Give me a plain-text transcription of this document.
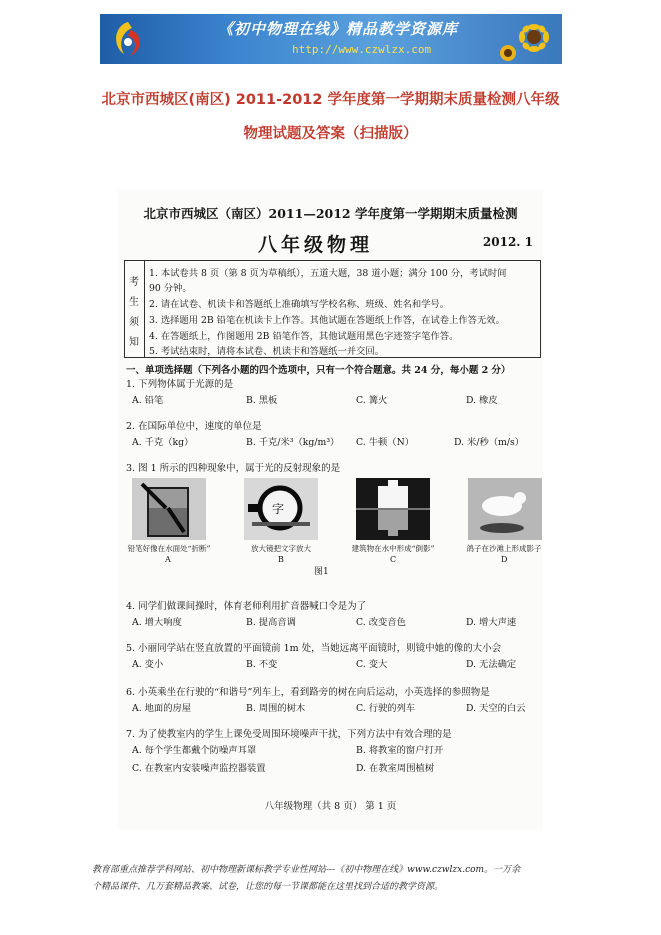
《初中物理在线》精品教学资源库
http://www.czwlzx.com
北京市西城区(南区) 2011-2012 学年度第一学期期末质量检测八年级
物理试题及答案（扫描版）
北京市西城区（南区）2011—2012 学年度第一学期期末质量检测
八年级物理	2012. 1
考
生
须
知
1. 本试卷共 8 页（第 8 页为草稿纸），五道大题，38 道小题；满分 100 分，考试时间
90 分钟。
2. 请在试卷、机读卡和答题纸上准确填写学校名称、班级、姓名和学号。
3. 选择题用 2B 铅笔在机读卡上作答。其他试题在答题纸上作答，在试卷上作答无效。
4. 在答题纸上，作图题用 2B 铅笔作答，其他试题用黑色字迹签字笔作答。
5. 考试结束时，请将本试卷、机读卡和答题纸一并交回。
一、单项选择题（下列各小题的四个选项中，只有一个符合题意。共 24 分，每小题 2 分）
1. 下列物体属于光源的是
A. 铅笔	B. 黑板	C. 篝火	D. 橡皮
2. 在国际单位中，速度的单位是
A. 千克（kg）	B. 千克/米³（kg/m³） C. 牛顿（N）	D. 米/秒（m/s）
3. 图 1 所示的四种现象中，属于光的反射现象的是
字
铅笔好像在水面处“折断”	放大镜把文字放大	建筑物在水中形成“倒影”	鸽子在沙滩上形成影子
A	B	C	D
图1
4. 同学们做课间操时，体育老师利用扩音器喊口令是为了
A. 增大响度	B. 提高音调	C. 改变音色	D. 增大声速
5. 小丽同学站在竖直放置的平面镜前 1m 处，当她远离平面镜时，则镜中她的像的大小会
A. 变小	B. 不变	C. 变大	D. 无法确定
6. 小英乘坐在行驶的“和谐号”列车上，看到路旁的树在向后运动，小英选择的参照物是
A. 地面的房屋	B. 周围的树木	C. 行驶的列车	D. 天空的白云
7. 为了使教室内的学生上课免受周围环境噪声干扰，下列方法中有效合理的是
A. 每个学生都戴个防噪声耳罩	B. 将教室的窗户打开
C. 在教室内安装噪声监控器装置	D. 在教室周围植树
八年级物理（共 8 页） 第 1 页
教育部重点推荐学科网站、初中物理新课标教学专业性网站---《初中物理在线》www.czwlzx.com。一万余
个精品课件、几万套精品教案、试卷，让您的每一节课都能在这里找到合适的教学资源。
